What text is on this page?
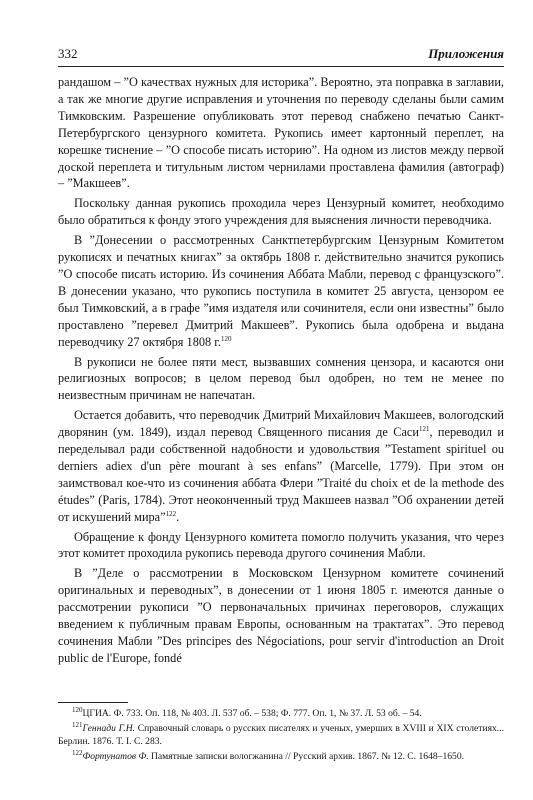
332	Приложения

рандашом – ”О качествах нужных для историка”. Вероятно, эта поправка в заглавии, а так же многие другие исправления и уточнения по переводу сделаны были самим Тимковским. Разрешение опубликовать этот перевод снабжено печатью Санкт-Петербургского цензурного комитета. Рукопись имеет картонный переплет, на корешке тиснение – ”О способе писать историю”. На одном из листов между первой доской переплета и титульным листом чернилами проставлена фамилия (автограф) – ”Макшеев”.

Поскольку данная рукопись проходила через Цензурный комитет, необходимо было обратиться к фонду этого учреждения для выяснения личности переводчика.

В ”Донесении о рассмотренных Санктпетербургским Цензурным Комитетом рукописях и печатных книгах” за октябрь 1808 г. действительно значится рукопись ”О способе писать историю. Из сочинения Аббата Мабли, перевод с французского”. В донесении указано, что рукопись поступила в комитет 25 августа, цензором ее был Тимковский, а в графе ”имя издателя или сочинителя, если они известны” было проставлено ”перевел Дмитрий Макшеев”. Рукопись была одобрена и выдана переводчику 27 октября 1808 г.$^{120}$

В рукописи не более пяти мест, вызвавших сомнения цензора, и касаются они религиозных вопросов; в целом перевод был одобрен, но тем не менее по неизвестным причинам не напечатан.

Остается добавить, что переводчик Дмитрий Михайлович Макшеев, вологодский дворянин (ум. 1849), издал перевод Священного писания де Саси$^{121}$, переводил и переделывал ради собственной надобности и удовольствия ”Testament spirituel ou derniers adiex d'un père mourant à ses enfans” (Marcelle, 1779). При этом он заимствовал кое-что из сочинения аббата Флери ”Traité du choix et de la methode des études” (Paris, 1784). Этот неоконченный труд Макшеев назвал ”Об охранении детей от искушений мира”$^{122}$.

Обращение к фонду Цензурного комитета помогло получить указания, что через этот комитет проходила рукопись перевода другого сочинения Мабли.

В ”Деле о рассмотрении в Московском Цензурном комитете сочинений оригинальных и переводных”, в донесении от 1 июня 1805 г. имеются данные о рассмотрении рукописи ”О первоначальных причинах переговоров, служащих введением к публичным правам Европы, основанным на трактатах”. Это перевод сочинения Мабли ”Des principes des Négociations, pour servir d'introduction an Droit public de l'Europe, fondé

$^{120}$ЦГИА. Ф. 733. Оп. 118, № 403. Л. 537 об. – 538; Ф. 777. Оп. 1, № 37. Л. 53 об. – 54.

$^{121}$Геннади Г.Н. Справочный словарь о русских писателях и ученых, умерших в XVIII и XIX столетиях... Берлин. 1876. Т. I. С. 283.

$^{122}$Фортунатов Ф. Памятные записки вологжанина // Русский архив. 1867. № 12. С. 1648–1650.
